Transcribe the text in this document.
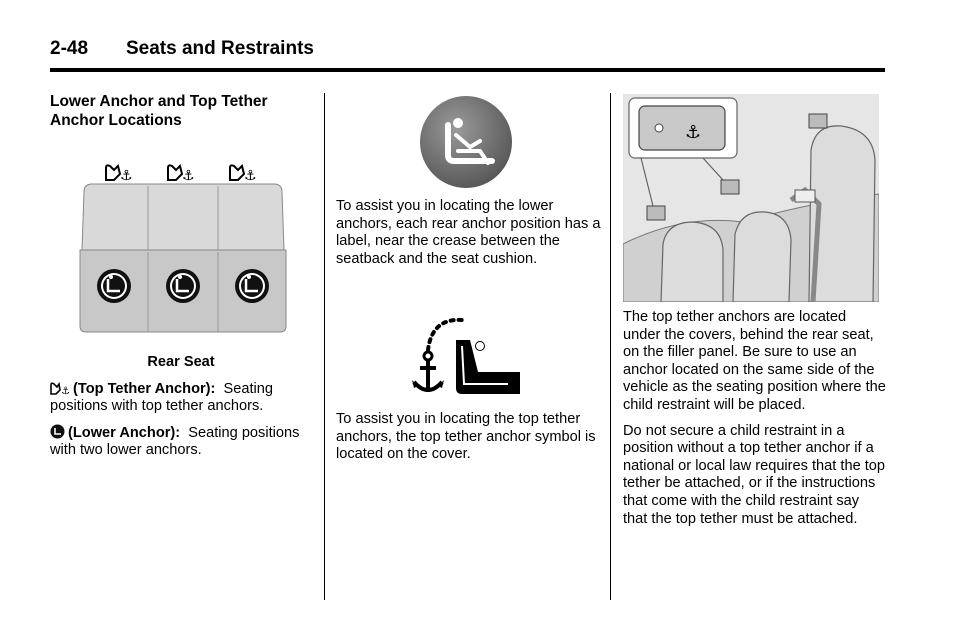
2-48 Seats and Restraints
Lower Anchor and Top Tether Anchor Locations
⚓	⚓	⚓
Rear Seat

⚓ (Top Tether Anchor): Seating positions with top tether anchors.

(Lower Anchor): Seating positions with two lower anchors.

To assist you in locating the lower anchors, each rear anchor position has a label, near the crease between the seatback and the seat cushion.

To assist you in locating the top tether anchors, the top tether anchor symbol is located on the cover.

⚓

The top tether anchors are located under the covers, behind the rear seat, on the filler panel. Be sure to use an anchor located on the same side of the vehicle as the seating position where the child restraint will be placed.

Do not secure a child restraint in a position without a top tether anchor if a national or local law requires that the top tether be attached, or if the instructions that come with the child restraint say that the top tether must be attached.
